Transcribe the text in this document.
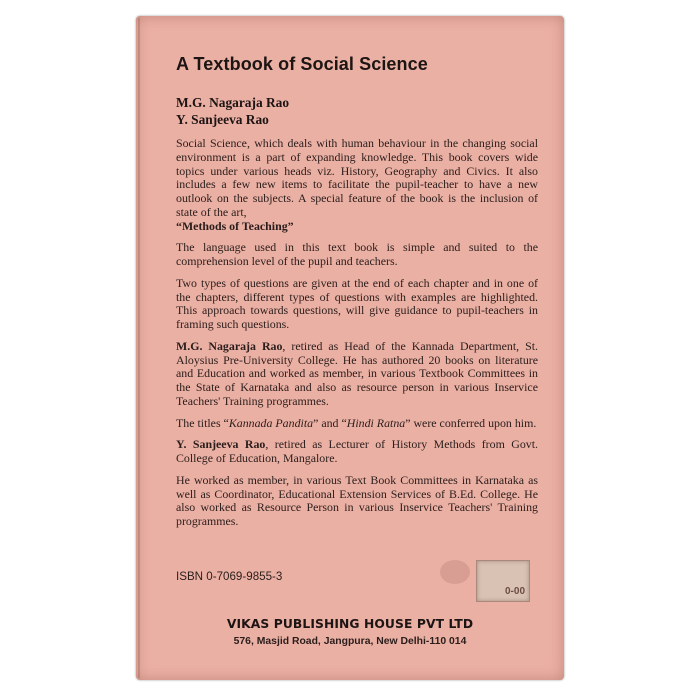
A Textbook of Social Science
M.G. Nagaraja Rao
Y. Sanjeeva Rao

Social Science, which deals with human behaviour in the changing social environment is a part of expanding knowledge. This book covers wide topics under various heads viz. History, Geography and Civics. It also includes a few new items to facilitate the pupil-teacher to have a new outlook on the subjects. A special feature of the book is the inclusion of state of the art,
“Methods of Teaching”

The language used in this text book is simple and suited to the comprehension level of the pupil and teachers.

Two types of questions are given at the end of each chapter and in one of the chapters, different types of questions with examples are highlighted. This approach towards questions, will give guidance to pupil-teachers in framing such questions.

M.G. Nagaraja Rao, retired as Head of the Kannada Department, St. Aloysius Pre-University College. He has authored 20 books on literature and Education and worked as member, in various Textbook Committees in the State of Karnataka and also as resource person in various Inservice Teachers' Training programmes.

The titles “Kannada Pandita” and “Hindi Ratna” were conferred upon him.

Y. Sanjeeva Rao, retired as Lecturer of History Methods from Govt. College of Education, Mangalore.

He worked as member, in various Text Book Committees in Karnataka as well as Coordinator, Educational Extension Services of B.Ed. College. He also worked as Resource Person in various Inservice Teachers' Training programmes.

ISBN 0-7069-9855-3
0-00
VIKAS PUBLISHING HOUSE PVT LTD
576, Masjid Road, Jangpura, New Delhi-110 014
